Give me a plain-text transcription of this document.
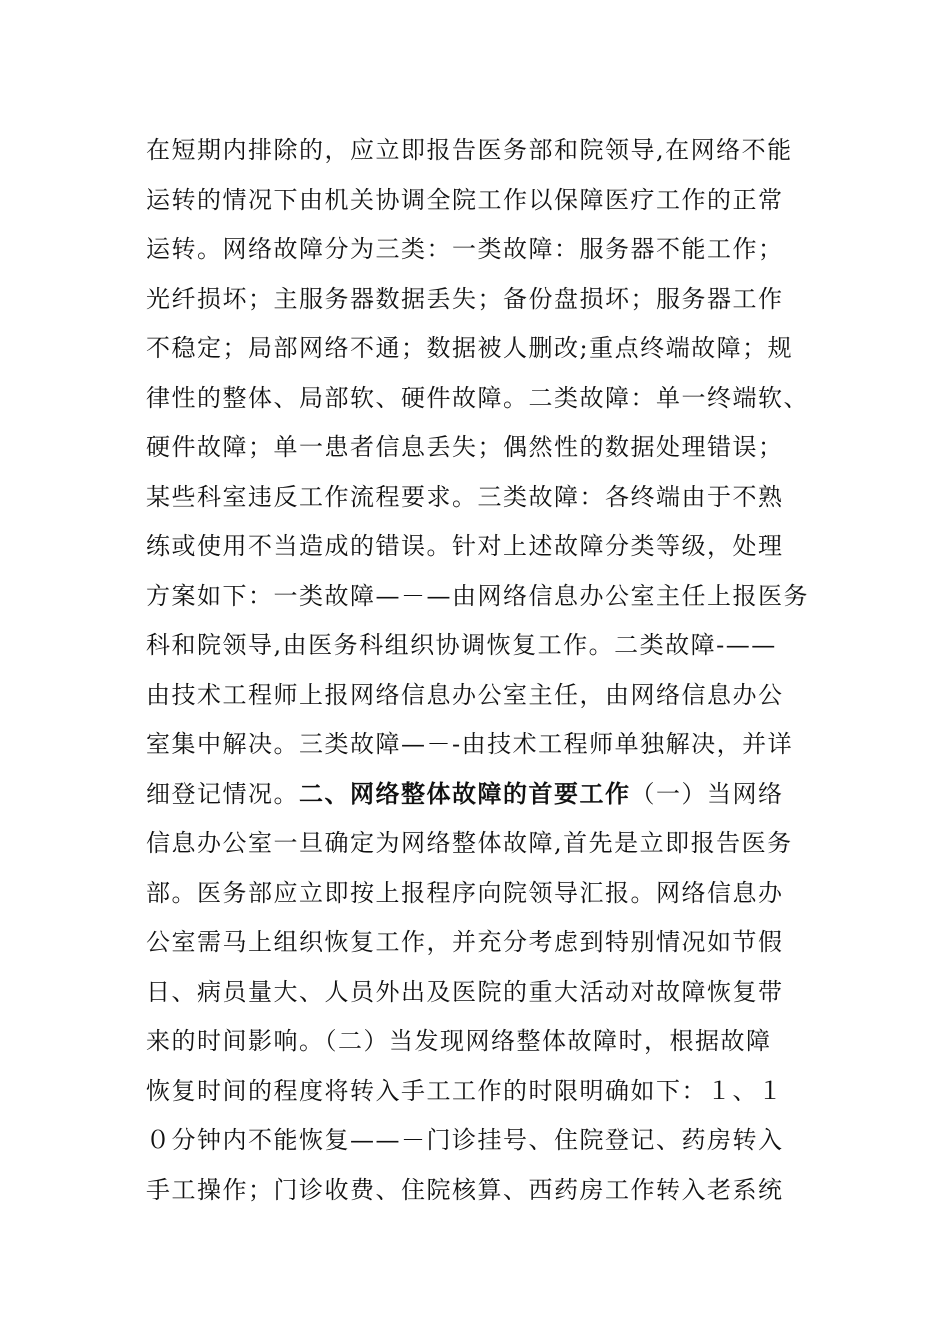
在短期内排除的，应立即报告医务部和院领导,在网络不能
运转的情况下由机关协调全院工作以保障医疗工作的正常
运转。网络故障分为三类：一类故障：服务器不能工作；
光纤损坏；主服务器数据丢失；备份盘损坏；服务器工作
不稳定；局部网络不通；数据被人删改;重点终端故障；规
律性的整体、局部软、硬件故障。二类故障：单一终端软、
硬件故障；单一患者信息丢失；偶然性的数据处理错误；
某些科室违反工作流程要求。三类故障：各终端由于不熟
练或使用不当造成的错误。针对上述故障分类等级，处理
方案如下：一类故障—－—由网络信息办公室主任上报医务
科和院领导,由医务科组织协调恢复工作。二类故障-——
由技术工程师上报网络信息办公室主任，由网络信息办公
室集中解决。三类故障—－-由技术工程师单独解决，并详
细登记情况。二、网络整体故障的首要工作（一）当网络
信息办公室一旦确定为网络整体故障,首先是立即报告医务
部。医务部应立即按上报程序向院领导汇报。网络信息办
公室需马上组织恢复工作，并充分考虑到特别情况如节假
日、病员量大、人员外出及医院的重大活动对故障恢复带
来的时间影响。（二）当发现网络整体故障时，根据故障
恢复时间的程度将转入手工工作的时限明确如下：１、１
０分钟内不能恢复——－门诊挂号、住院登记、药房转入
手工操作；门诊收费、住院核算、西药房工作转入老系统
